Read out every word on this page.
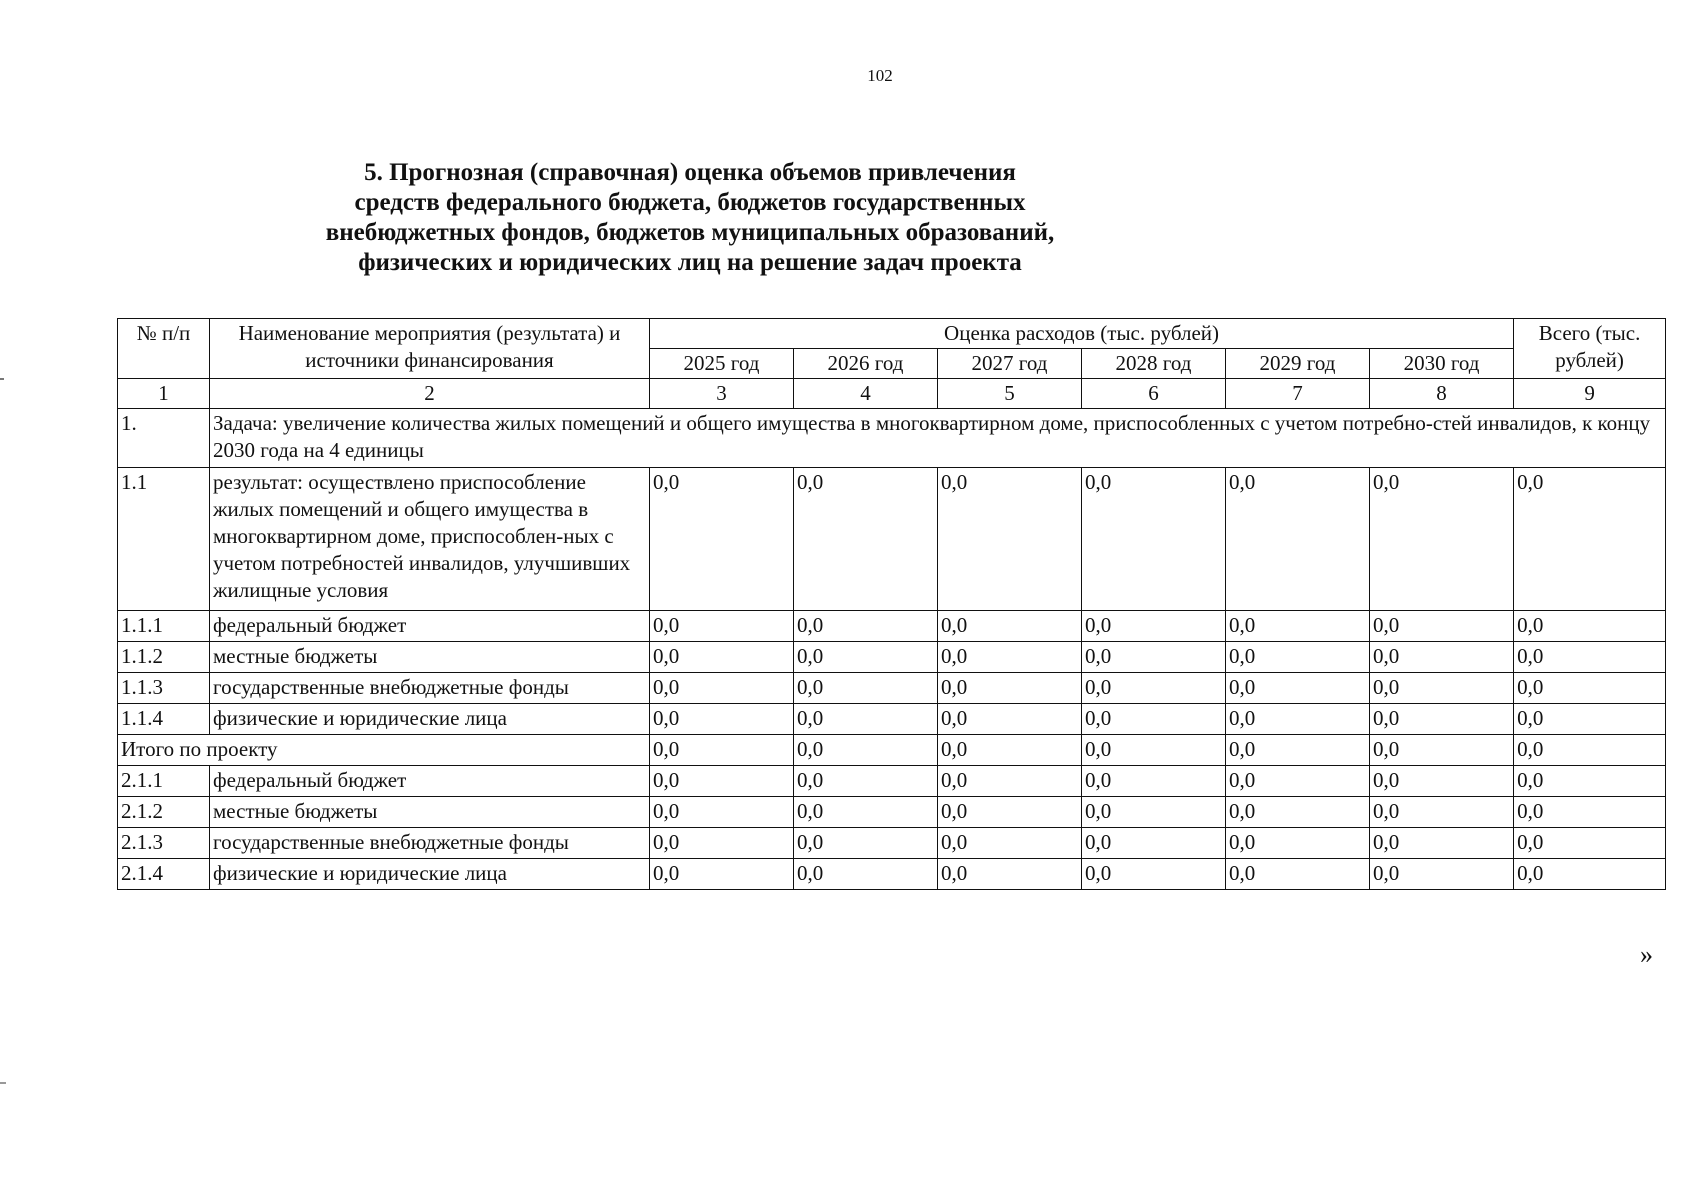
102
5. Прогнозная (справочная) оценка объемов привлечения
средств федерального бюджета, бюджетов государственных
внебюджетных фондов, бюджетов муниципальных образований,
физических и юридических лиц на решение задач проекта
№ п/п	Наименование мероприятия (результата) и источники финансирования	Оценка расходов (тыс. рублей)						Всего (тыс. рублей)
		2025 год	2026 год	2027 год	2028 год	2029 год	2030 год	
1	2	3	4	5	6	7	8	9
1.	Задача: увеличение количества жилых помещений и общего имущества в многоквартирном доме, приспособленных с учетом потребно-стей инвалидов, к концу 2030 года на 4 единицы							
1.1	результат: осуществлено приспособление жилых помещений и общего имущества в многоквартирном доме, приспособлен-ных с учетом потребностей инвалидов, улучшивших жилищные условия	0,0	0,0	0,0	0,0	0,0	0,0	0,0
1.1.1	федеральный бюджет	0,0	0,0	0,0	0,0	0,0	0,0	0,0
1.1.2	местные бюджеты	0,0	0,0	0,0	0,0	0,0	0,0	0,0
1.1.3	государственные внебюджетные фонды	0,0	0,0	0,0	0,0	0,0	0,0	0,0
1.1.4	физические и юридические лица	0,0	0,0	0,0	0,0	0,0	0,0	0,0
Итого по проекту		0,0	0,0	0,0	0,0	0,0	0,0	0,0
2.1.1	федеральный бюджет	0,0	0,0	0,0	0,0	0,0	0,0	0,0
2.1.2	местные бюджеты	0,0	0,0	0,0	0,0	0,0	0,0	0,0
2.1.3	государственные внебюджетные фонды	0,0	0,0	0,0	0,0	0,0	0,0	0,0
2.1.4	физические и юридические лица	0,0	0,0	0,0	0,0	0,0	0,0	0,0
»
